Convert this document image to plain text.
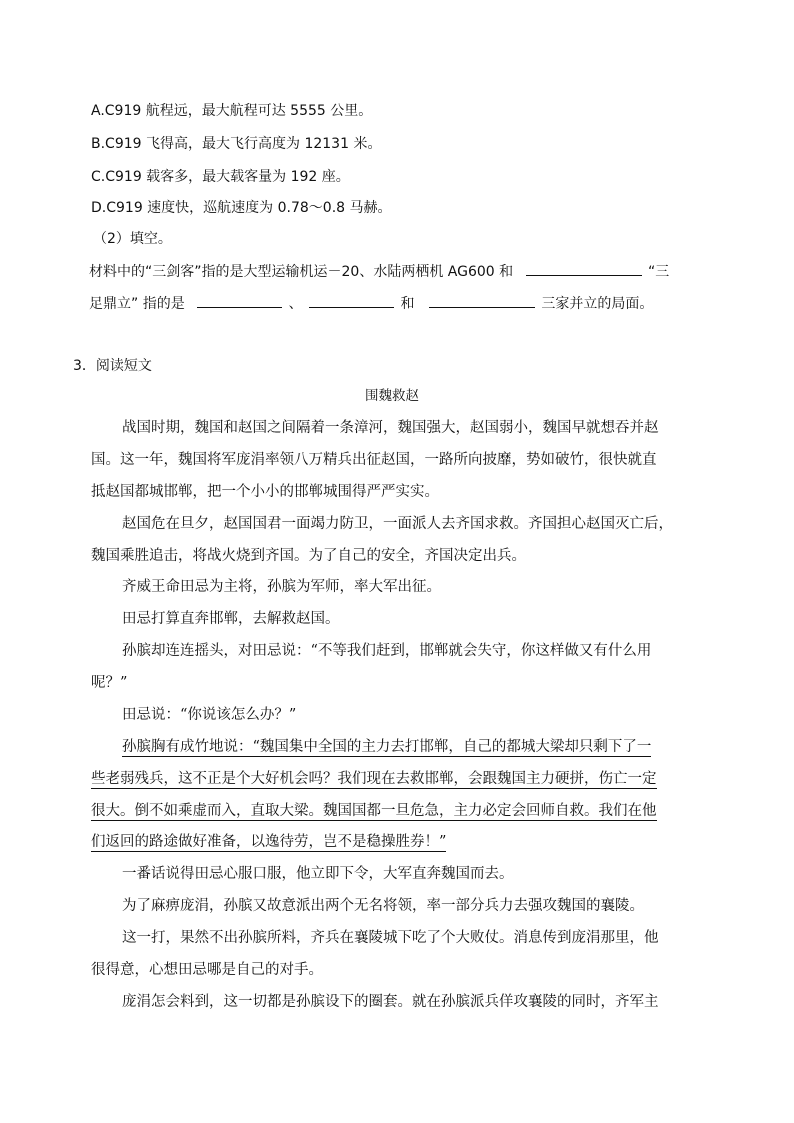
A.C919 航程远，最大航程可达 5555 公里。
B.C919 飞得高，最大飞行高度为 12131 米。
C.C919 载客多，最大载客量为 192 座。
D.C919 速度快，巡航速度为 0.78～0.8 马赫。
（2）填空。
材料中的“三剑客”指的是大型运输机运－20、水陆两栖机 AG600 和	“三
足鼎立” 指的是	、	和	三家并立的局面。
3．阅读短文
围魏救赵
战国时期，魏国和赵国之间隔着一条漳河，魏国强大，赵国弱小，魏国早就想吞并赵
国。这一年，魏国将军庞涓率领八万精兵出征赵国，一路所向披靡，势如破竹，很快就直
抵赵国都城邯郸，把一个小小的邯郸城围得严严实实。
赵国危在旦夕，赵国国君一面竭力防卫，一面派人去齐国求救。齐国担心赵国灭亡后，
魏国乘胜追击，将战火烧到齐国。为了自己的安全，齐国决定出兵。
齐威王命田忌为主将，孙膑为军师，率大军出征。
田忌打算直奔邯郸，去解救赵国。
孙膑却连连摇头，对田忌说：“不等我们赶到，邯郸就会失守，你这样做又有什么用
呢？”
田忌说：“你说该怎么办？”
孙膑胸有成竹地说：“魏国集中全国的主力去打邯郸，自己的都城大梁却只剩下了一
些老弱残兵，这不正是个大好机会吗？我们现在去救邯郸，会跟魏国主力硬拼，伤亡一定
很大。倒不如乘虚而入，直取大梁。魏国国都一旦危急，主力必定会回师自救。我们在他
们返回的路途做好准备，以逸待劳，岂不是稳操胜券！”
一番话说得田忌心服口服，他立即下令，大军直奔魏国而去。
为了麻痹庞涓，孙膑又故意派出两个无名将领，率一部分兵力去强攻魏国的襄陵。
这一打，果然不出孙膑所料，齐兵在襄陵城下吃了个大败仗。消息传到庞涓那里，他
很得意，心想田忌哪是自己的对手。
庞涓怎会料到，这一切都是孙膑设下的圈套。就在孙膑派兵佯攻襄陵的同时，齐军主
